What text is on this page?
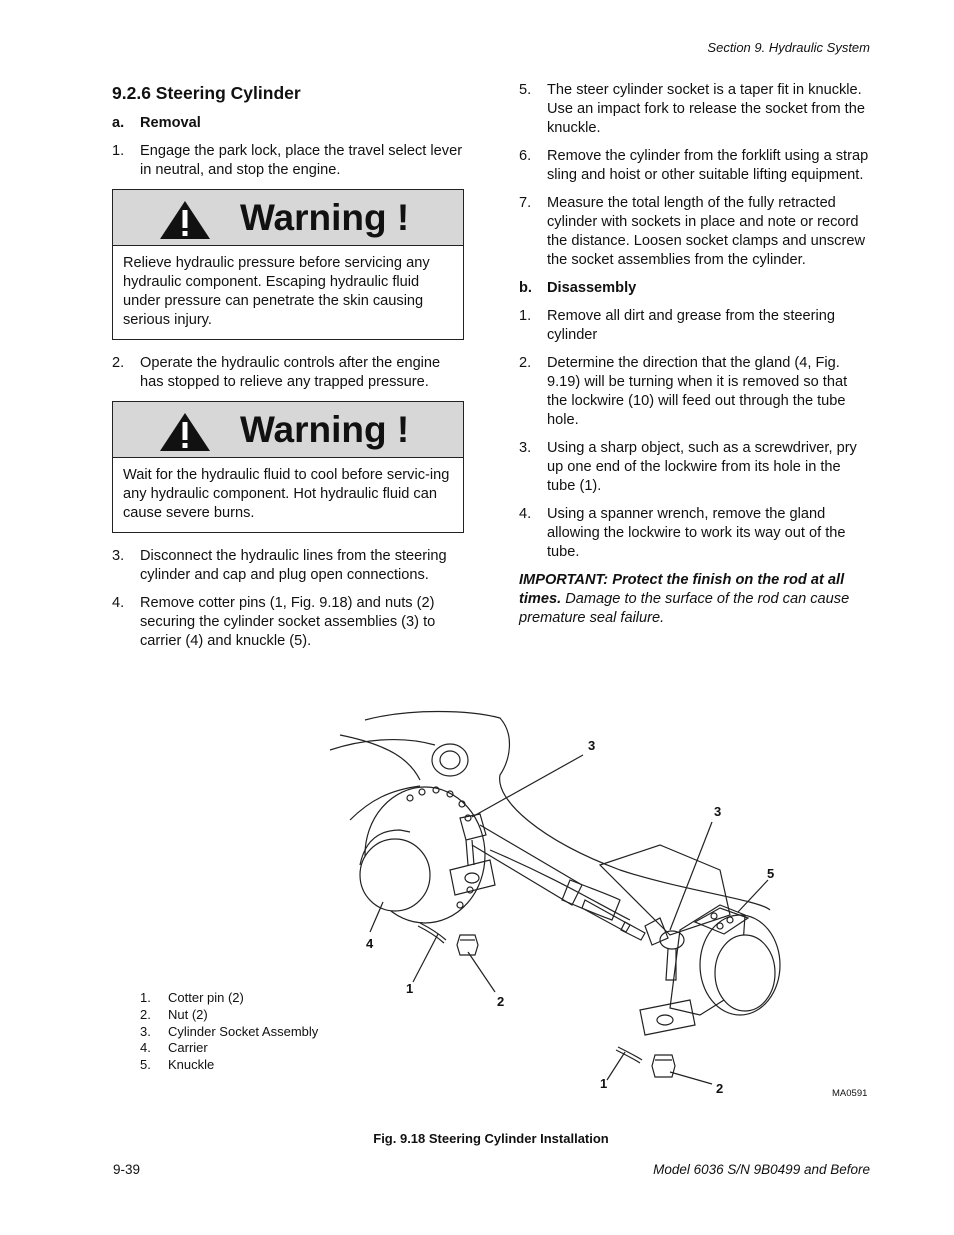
Section 9. Hydraulic System
9.2.6 Steering Cylinder
a.	Removal
1.	Engage the park lock, place the travel select lever in neutral, and stop the engine.
Warning !
Relieve hydraulic pressure before servicing any hydraulic component. Escaping hydraulic fluid under pressure can penetrate the skin causing serious injury.
2.	Operate the hydraulic controls after the engine has stopped to relieve any trapped pressure.
Warning !
Wait for the hydraulic fluid to cool before servic-ing any hydraulic component. Hot hydraulic fluid can cause severe burns.
3.	Disconnect the hydraulic lines from the steering cylinder and cap and plug open connections.
4.	Remove cotter pins (1, Fig. 9.18) and nuts (2) securing the cylinder socket assemblies (3) to carrier (4) and knuckle (5).
5.	The steer cylinder socket is a taper fit in knuckle. Use an impact fork to release the socket from the knuckle.
6.	Remove the cylinder from the forklift using a strap sling and hoist or other suitable lifting equipment.
7.	Measure the total length of the fully retracted cylinder with sockets in place and note or record the distance. Loosen socket clamps and unscrew the socket assemblies from the cylinder.
b.	Disassembly
1.	Remove all dirt and grease from the steering cylinder
2.	Determine the direction that the gland (4, Fig. 9.19) will be turning when it is removed so that the lockwire (10) will feed out through the tube hole.
3.	Using a sharp object, such as a screwdriver, pry up one end of the lockwire from its hole in the tube (1).
4.	Using a spanner wrench, remove the gland allowing the lockwire to work its way out of the tube.

IMPORTANT: Protect the finish on the rod at all times. Damage to the surface of the rod can cause premature seal failure.

3
3
5
4
1
2
1	2	MA0591
1.	Cotter pin (2)
2.	Nut (2)
3.	Cylinder Socket Assembly
4.	Carrier
5.	Knuckle
Fig. 9.18 Steering Cylinder Installation
9-39	Model 6036 S/N 9B0499 and Before
